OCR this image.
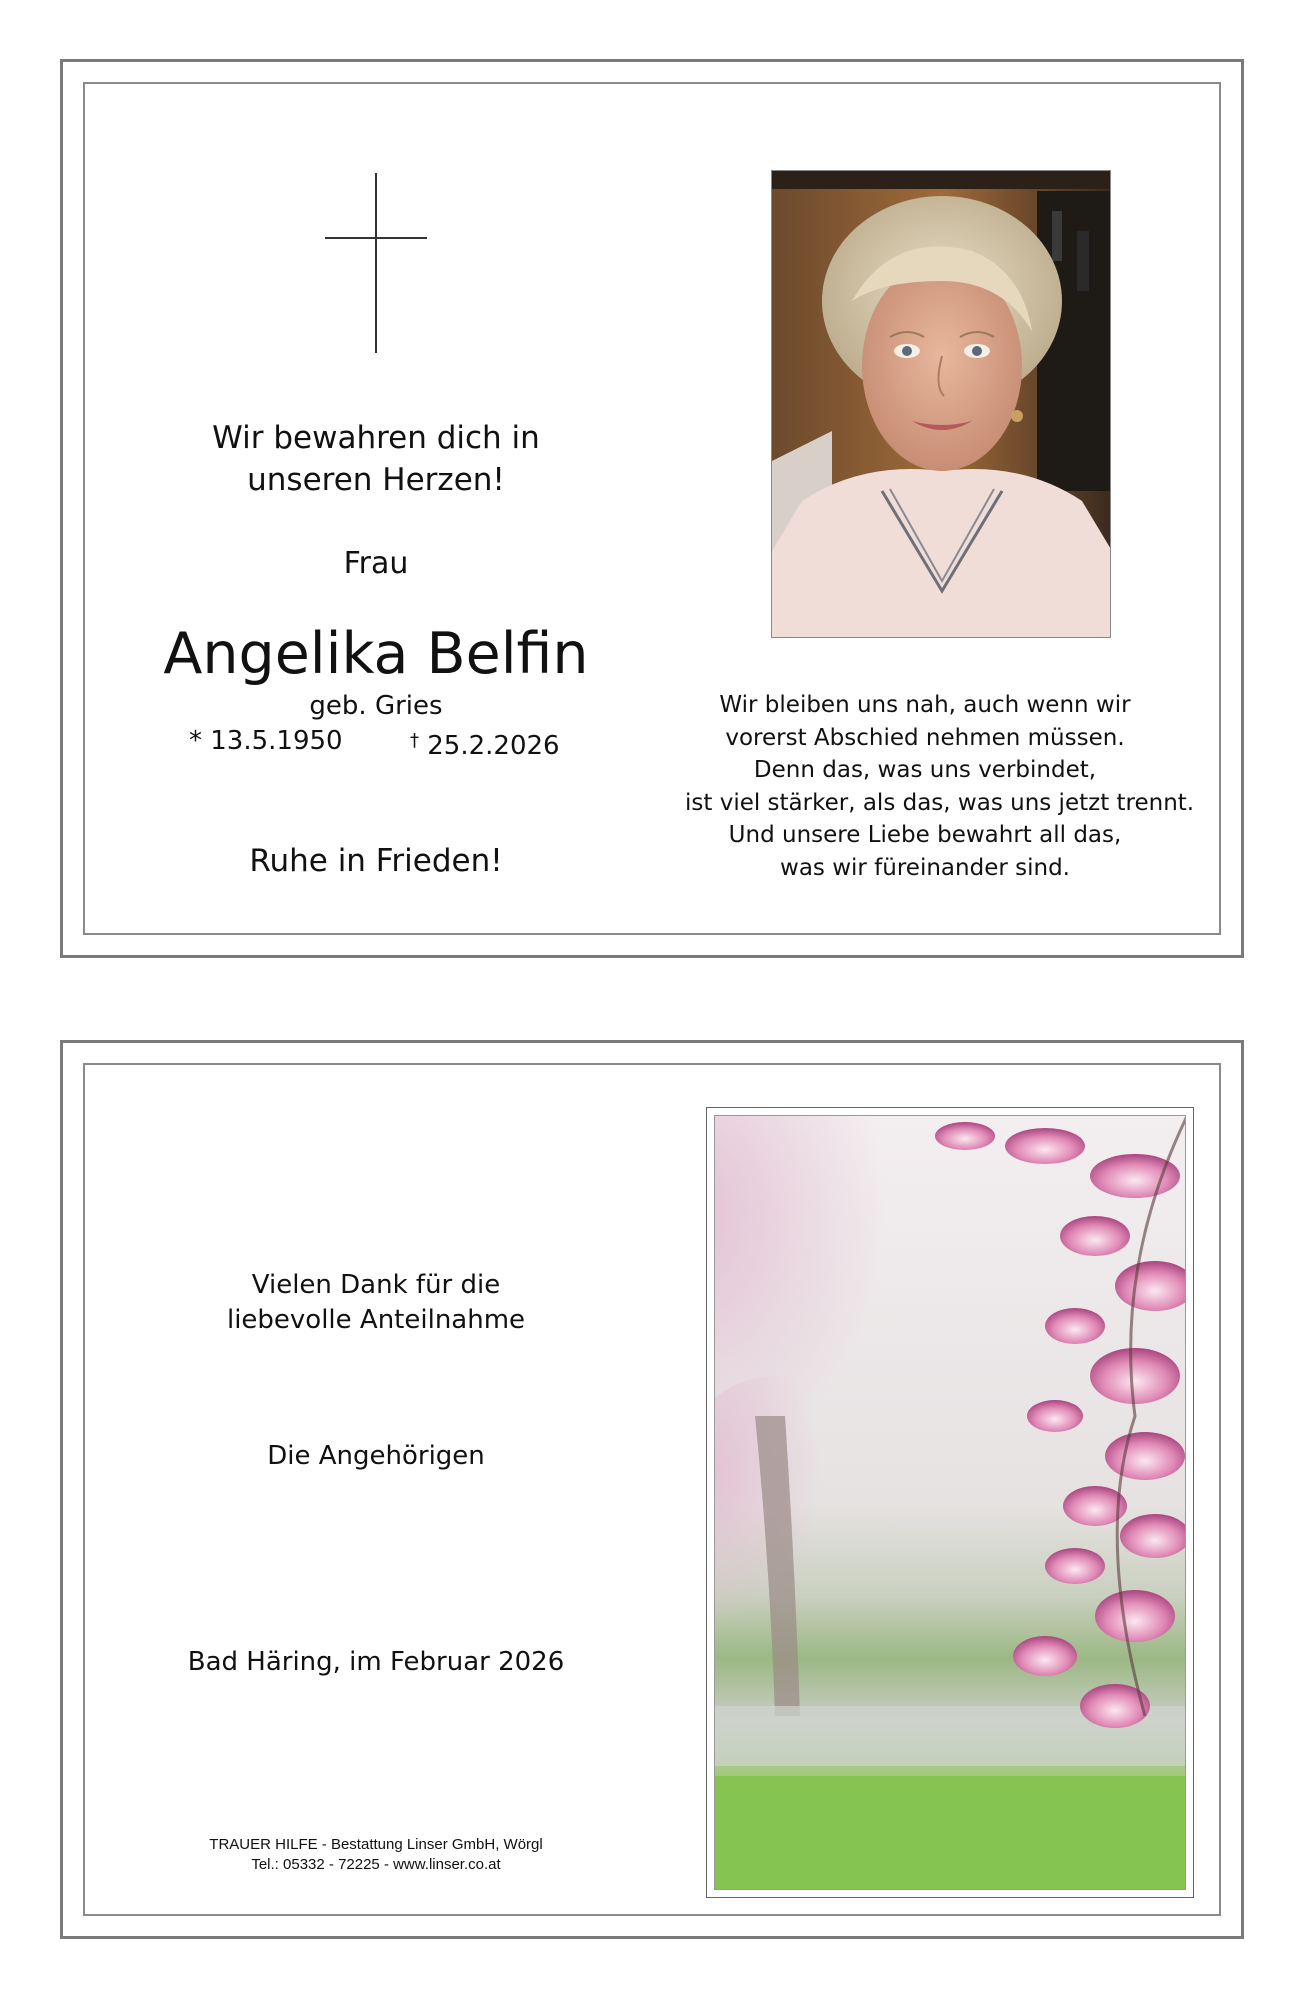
Wir bewahren dich in
unseren Herzen!
Frau
Angelika Belfin
geb. Gries
* 13.5.1950	† 25.2.2026
Ruhe in Frieden!
Wir bleiben uns nah, auch wenn wir
vorerst Abschied nehmen müssen.
Denn das, was uns verbindet,
ist viel stärker, als das, was uns jetzt trennt.
Und unsere Liebe bewahrt all das,
was wir füreinander sind.
Vielen Dank für die
liebevolle Anteilnahme
Die Angehörigen
Bad Häring, im Februar 2026
TRAUER HILFE - Bestattung Linser GmbH, Wörgl
Tel.: 05332 - 72225 - www.linser.co.at
